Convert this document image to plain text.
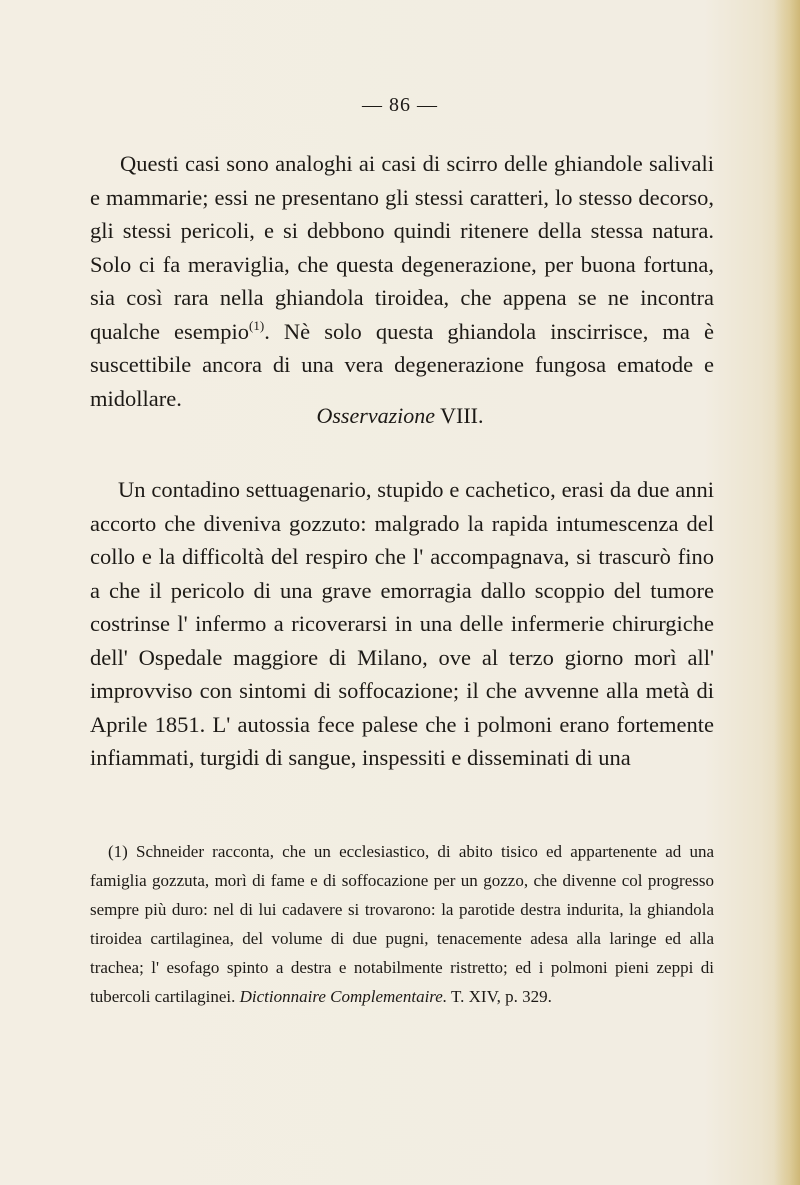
— 86 —

Questi casi sono analoghi ai casi di scirro delle ghiandole salivali e mammarie; essi ne presentano gli stessi caratteri, lo stesso decorso, gli stessi pericoli, e si debbono quindi ritenere della stessa natura. Solo ci fa meraviglia, che questa degenerazione, per buona fortuna, sia così rara nella ghiandola tiroidea, che appena se ne incontra qualche esempio$^{(1)}$. Nè solo questa ghiandola inscirrisce, ma è suscettibile ancora di una vera degenerazione fungosa ematode e midollare.

Osservazione VIII.

Un contadino settuagenario, stupido e cachetico, erasi da due anni accorto che diveniva gozzuto: malgrado la rapida intumescenza del collo e la difficoltà del respiro che l' accompagnava, si trascurò fino a che il pericolo di una grave emorragia dallo scoppio del tumore costrinse l' infermo a ricoverarsi in una delle infermerie chirurgiche dell' Ospedale maggiore di Milano, ove al terzo giorno morì all' improvviso con sintomi di soffocazione; il che avvenne alla metà di Aprile 1851. L' autossia fece palese che i polmoni erano fortemente infiammati, turgidi di sangue, inspessiti e disseminati di una

(1) Schneider racconta, che un ecclesiastico, di abito tisico ed appartenente ad una famiglia gozzuta, morì di fame e di soffocazione per un gozzo, che divenne col progresso sempre più duro: nel di lui cadavere si trovarono: la parotide destra indurita, la ghiandola tiroidea cartilaginea, del volume di due pugni, tenacemente adesa alla laringe ed alla trachea; l' esofago spinto a destra e notabilmente ristretto; ed i polmoni pieni zeppi di tubercoli cartilaginei. Dictionnaire Complementaire. T. XIV, p. 329.
